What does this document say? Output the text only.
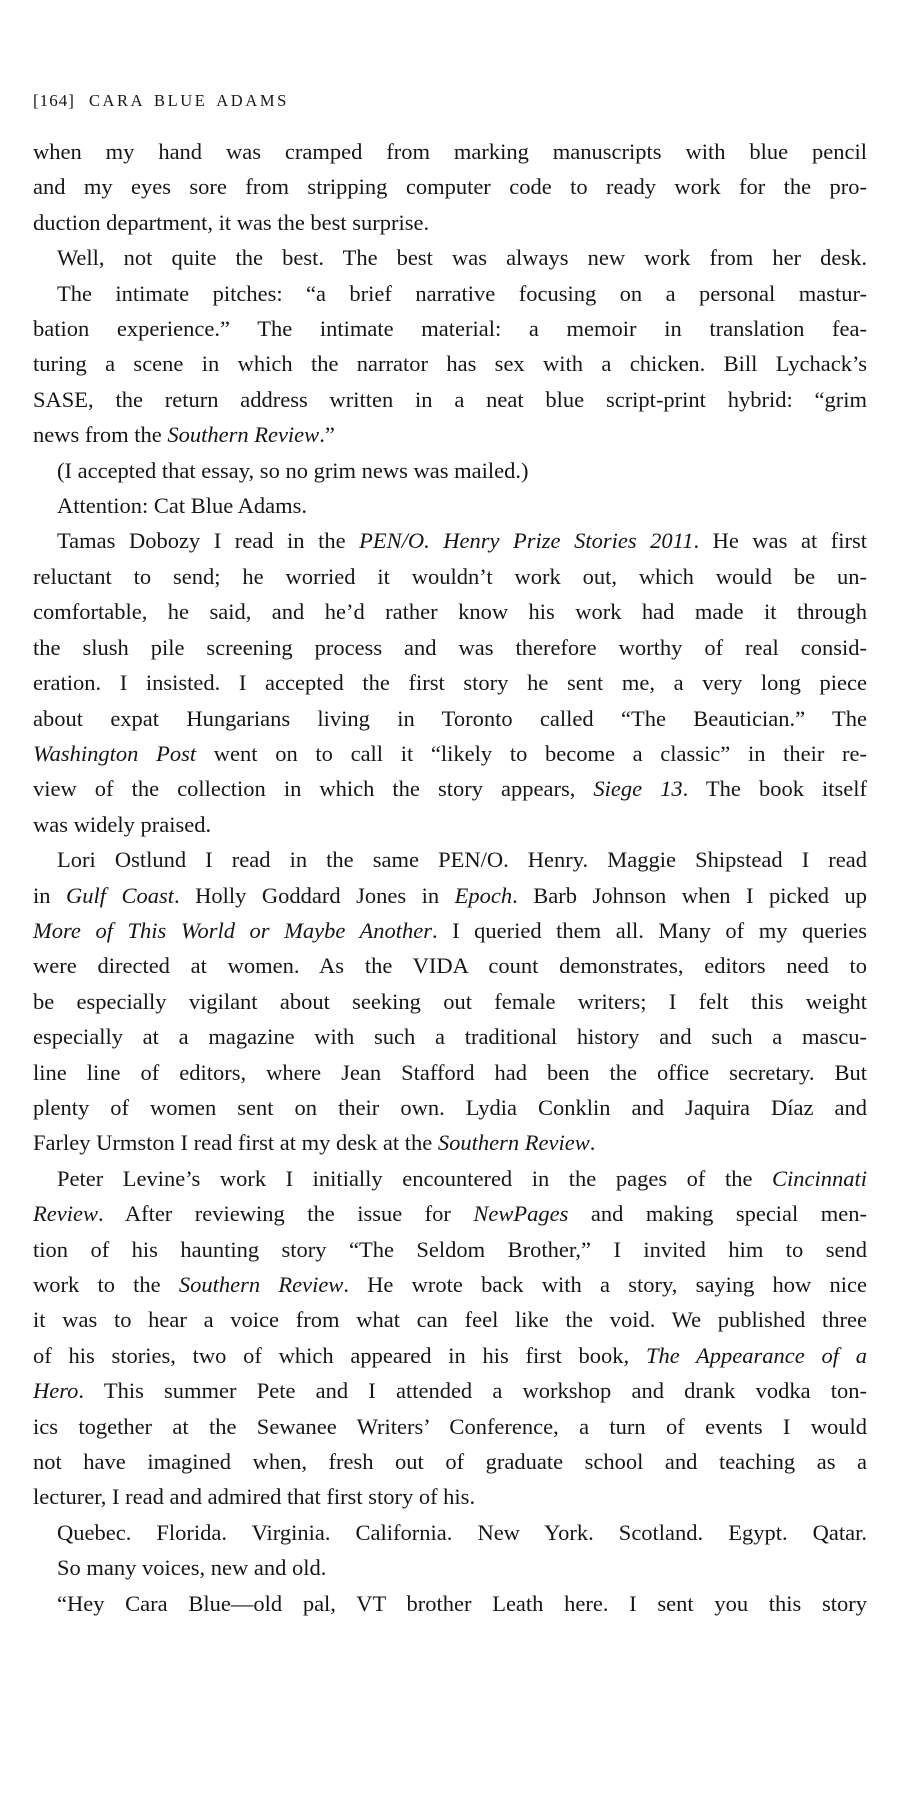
[164] CARA BLUE ADAMS
when my hand was cramped from marking manuscripts with blue pencil
and my eyes sore from stripping computer code to ready work for the pro-
duction department, it was the best surprise.
Well, not quite the best. The best was always new work from her desk.
The intimate pitches: “a brief narrative focusing on a personal mastur-
bation experience.” The intimate material: a memoir in translation fea-
turing a scene in which the narrator has sex with a chicken. Bill Lychack’s
SASE, the return address written in a neat blue script-print hybrid: “grim
news from the Southern Review.”
(I accepted that essay, so no grim news was mailed.)
Attention: Cat Blue Adams.
Tamas Dobozy I read in the PEN/O. Henry Prize Stories 2011. He was at first
reluctant to send; he worried it wouldn’t work out, which would be un-
comfortable, he said, and he’d rather know his work had made it through
the slush pile screening process and was therefore worthy of real consid-
eration. I insisted. I accepted the first story he sent me, a very long piece
about expat Hungarians living in Toronto called “The Beautician.” The
Washington Post went on to call it “likely to become a classic” in their re-
view of the collection in which the story appears, Siege 13. The book itself
was widely praised.
Lori Ostlund I read in the same PEN/O. Henry. Maggie Shipstead I read
in Gulf Coast. Holly Goddard Jones in Epoch. Barb Johnson when I picked up
More of This World or Maybe Another. I queried them all. Many of my queries
were directed at women. As the VIDA count demonstrates, editors need to
be especially vigilant about seeking out female writers; I felt this weight
especially at a magazine with such a traditional history and such a mascu-
line line of editors, where Jean Stafford had been the office secretary. But
plenty of women sent on their own. Lydia Conklin and Jaquira Díaz and
Farley Urmston I read first at my desk at the Southern Review.
Peter Levine’s work I initially encountered in the pages of the Cincinnati
Review. After reviewing the issue for NewPages and making special men-
tion of his haunting story “The Seldom Brother,” I invited him to send
work to the Southern Review. He wrote back with a story, saying how nice
it was to hear a voice from what can feel like the void. We published three
of his stories, two of which appeared in his first book, The Appearance of a
Hero. This summer Pete and I attended a workshop and drank vodka ton-
ics together at the Sewanee Writers’ Conference, a turn of events I would
not have imagined when, fresh out of graduate school and teaching as a
lecturer, I read and admired that first story of his.
Quebec. Florida. Virginia. California. New York. Scotland. Egypt. Qatar.
So many voices, new and old.
“Hey Cara Blue—old pal, VT brother Leath here. I sent you this story
